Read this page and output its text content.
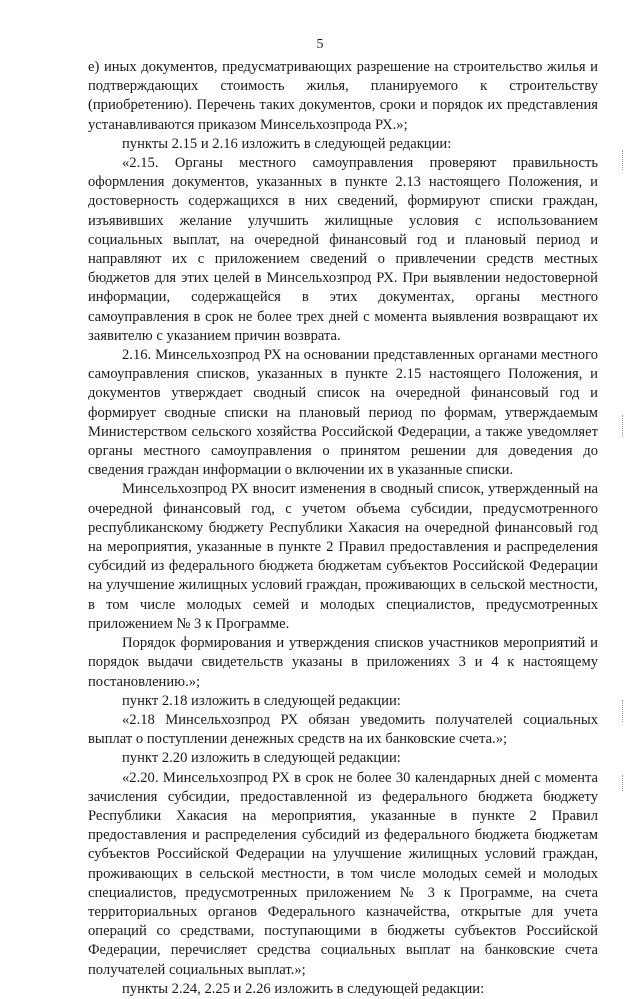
5

е) иных документов, предусматривающих разрешение на строительство жилья и подтверждающих стоимость жилья, планируемого к строительству (приобретению). Перечень таких документов, сроки и порядок их представления устанавливаются приказом Минсельхозпрода РХ.»;

пункты 2.15 и 2.16 изложить в следующей редакции:

«2.15. Органы местного самоуправления проверяют правильность оформления документов, указанных в пункте 2.13 настоящего Положения, и достоверность содержащихся в них сведений, формируют списки граждан, изъявивших желание улучшить жилищные условия с использованием социальных выплат, на очередной финансовый год и плановый период и направляют их с приложением сведений о привлечении средств местных бюджетов для этих целей в Минсельхозпрод РХ. При выявлении недостоверной информации, содержащейся в этих документах, органы местного самоуправления в срок не более трех дней с момента выявления возвращают их заявителю с указанием причин возврата.

2.16. Минсельхозпрод РХ на основании представленных органами местного самоуправления списков, указанных в пункте 2.15 настоящего Положения, и документов утверждает сводный список на очередной финансовый год и формирует сводные списки на плановый период по формам, утверждаемым Министерством сельского хозяйства Российской Федерации, а также уведомляет органы местного самоуправления о принятом решении для доведения до сведения граждан информации о включении их в указанные списки.

Минсельхозпрод РХ вносит изменения в сводный список, утвержденный на очередной финансовый год, с учетом объема субсидии, предусмотренного республиканскому бюджету Республики Хакасия на очередной финансовый год на мероприятия, указанные в пункте 2 Правил предоставления и распределения субсидий из федерального бюджета бюджетам субъектов Российской Федерации на улучшение жилищных условий граждан, проживающих в сельской местности, в том числе молодых семей и молодых специалистов, предусмотренных приложением № 3 к Программе.

Порядок формирования и утверждения списков участников мероприятий и порядок выдачи свидетельств указаны в приложениях 3 и 4 к настоящему постановлению.»;

пункт 2.18 изложить в следующей редакции:

«2.18 Минсельхозпрод РХ обязан уведомить получателей социальных выплат о поступлении денежных средств на их банковские счета.»;

пункт 2.20 изложить в следующей редакции:

«2.20. Минсельхозпрод РХ в срок не более 30 календарных дней с момента зачисления субсидии, предоставленной из федерального бюджета бюджету Республики Хакасия на мероприятия, указанные в пункте 2 Правил предоставления и распределения субсидий из федерального бюджета бюджетам субъектов Российской Федерации на улучшение жилищных условий граждан, проживающих в сельской местности, в том числе молодых семей и молодых специалистов, предусмотренных приложением № 3 к Программе, на счета территориальных органов Федерального казначейства, открытые для учета операций со средствами, поступающими в бюджеты субъектов Российской Федерации, перечисляет средства социальных выплат на банковские счета получателей социальных выплат.»;

пункты 2.24, 2.25 и 2.26 изложить в следующей редакции:
